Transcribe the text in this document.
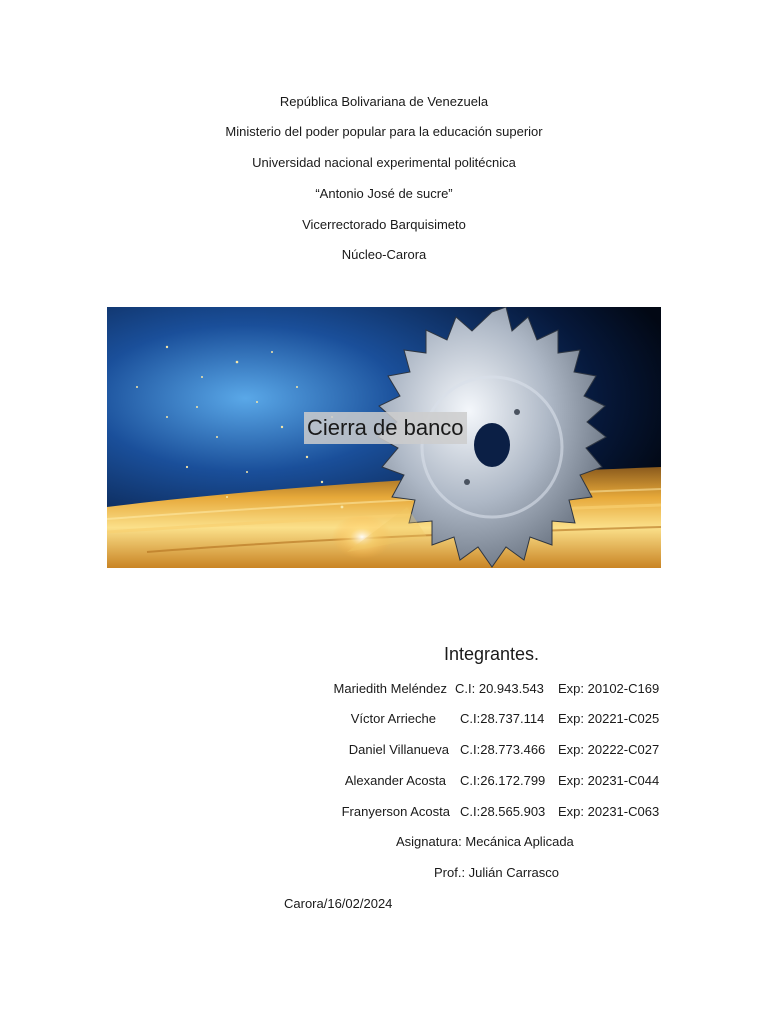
República Bolivariana de Venezuela
Ministerio del poder popular para la educación superior
Universidad nacional experimental politécnica
“Antonio José de sucre”
Vicerrectorado Barquisimeto
Núcleo-Carora
Cierra de banco
Integrantes.
Mariedith Meléndez C.I: 20.943.543 Exp: 20102-C169
Víctor Arrieche C.I:28.737.114 Exp: 20221-C025
Daniel Villanueva C.I:28.773.466 Exp: 20222-C027
Alexander Acosta C.I:26.172.799 Exp: 20231-C044
Franyerson Acosta C.I:28.565.903 Exp: 20231-C063
Asignatura: Mecánica Aplicada
Prof.: Julián Carrasco
Carora/16/02/2024
